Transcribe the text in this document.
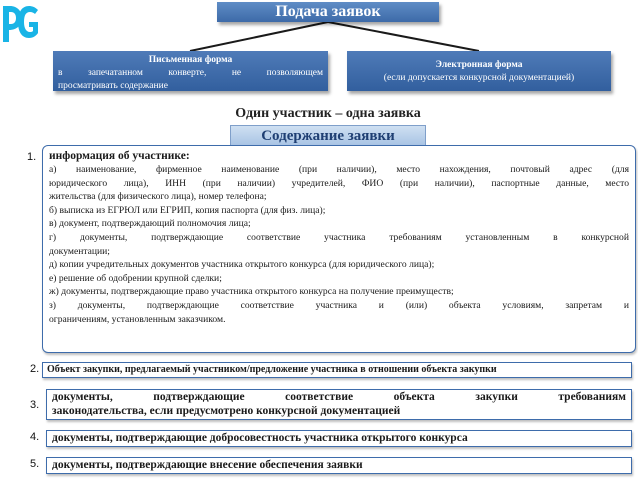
Подача заявок
Письменная форма
в запечатанном конверте, не позволяющем
просматривать содержание
Электронная форма
(если допускается конкурсной документацией)
Один участник – одна заявка
Содержание заявки
1. информация об участнике:
а) наименование, фирменное наименование (при наличии), место нахождения, почтовый адрес (для
юридического лица), ИНН (при наличии) учредителей, ФИО (при наличии), паспортные данные, место
жительства (для физического лица), номер телефона;
б) выписка из ЕГРЮЛ или ЕГРИП, копия паспорта (для физ. лица);
в) документ, подтверждающий полномочия лица;
г) документы, подтверждающие соответствие участника требованиям установленным в конкурсной
документации;
д) копии учредительных документов участника открытого конкурса (для юридического лица);
е) решение об одобрении крупной сделки;
ж) документы, подтверждающие право участника открытого конкурса на получение преимуществ;
з) документы, подтверждающие соответствие участника и (или) объекта условиям, запретам и
ограничениям, установленным заказчиком.
2. Объект закупки, предлагаемый участником/предложение участника в отношении объекта закупки
3.
документы, подтверждающие соответствие объекта закупки требованиям
законодательства, если предусмотрено конкурсной документацией
4.	документы, подтверждающие добросовестность участника открытого конкурса
5.	документы, подтверждающие внесение обеспечения заявки
